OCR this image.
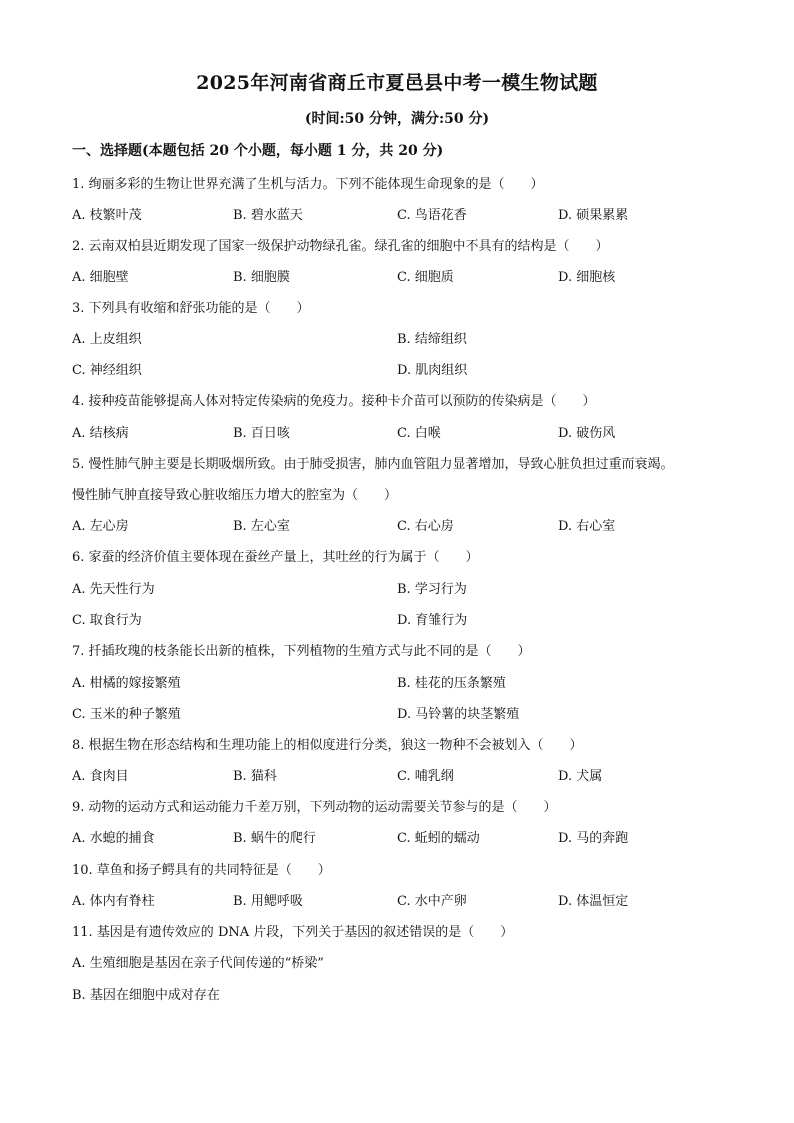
2025年河南省商丘市夏邑县中考一模生物试题
(时间:50 分钟，满分:50 分)
一、选择题(本题包括 20 个小题，每小题 1 分，共 20 分)
1. 绚丽多彩的生物让世界充满了生机与活力。下列不能体现生命现象的是（　　）
A. 枝繁叶茂	B. 碧水蓝天	C. 鸟语花香	D. 硕果累累
2. 云南双柏县近期发现了国家一级保护动物绿孔雀。绿孔雀的细胞中不具有的结构是（　　）
A. 细胞壁	B. 细胞膜	C. 细胞质	D. 细胞核
3. 下列具有收缩和舒张功能的是（　　）
A. 上皮组织	B. 结缔组织
C. 神经组织	D. 肌肉组织
4. 接种疫苗能够提高人体对特定传染病的免疫力。接种卡介苗可以预防的传染病是（　　）
A. 结核病	B. 百日咳	C. 白喉	D. 破伤风
5. 慢性肺气肿主要是长期吸烟所致。由于肺受损害，肺内血管阻力显著增加，导致心脏负担过重而衰竭。
慢性肺气肿直接导致心脏收缩压力增大的腔室为（　　）
A. 左心房	B. 左心室	C. 右心房	D. 右心室
6. 家蚕的经济价值主要体现在蚕丝产量上，其吐丝的行为属于（　　）
A. 先天性行为	B. 学习行为
C. 取食行为	D. 育雏行为
7. 扦插玫瑰的枝条能长出新的植株，下列植物的生殖方式与此不同的是（　　）
A. 柑橘的嫁接繁殖	B. 桂花的压条繁殖
C. 玉米的种子繁殖	D. 马铃薯的块茎繁殖
8. 根据生物在形态结构和生理功能上的相似度进行分类，狼这一物种不会被划入（　　）
A. 食肉目	B. 猫科	C. 哺乳纲	D. 犬属
9. 动物的运动方式和运动能力千差万别，下列动物的运动需要关节参与的是（　　）
A. 水螅的捕食	B. 蜗牛的爬行	C. 蚯蚓的蠕动	D. 马的奔跑
10. 草鱼和扬子鳄具有的共同特征是（　　）
A. 体内有脊柱	B. 用鳃呼吸	C. 水中产卵	D. 体温恒定
11. 基因是有遗传效应的 DNA 片段，下列关于基因的叙述错误的是（　　）
A. 生殖细胞是基因在亲子代间传递的“桥梁”
B. 基因在细胞中成对存在
